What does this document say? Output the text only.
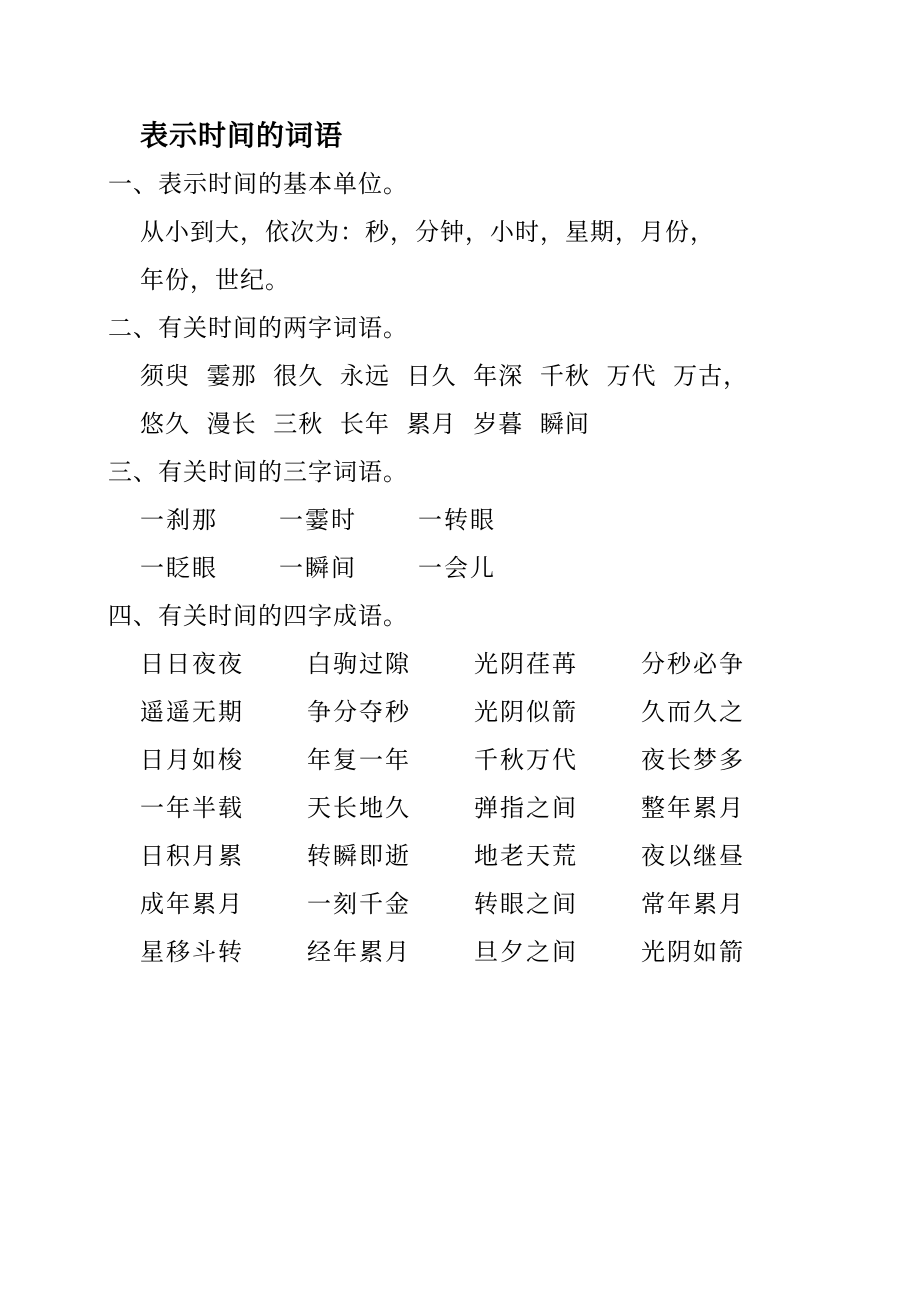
表示时间的词语
一、表示时间的基本单位。
从小到大，依次为：秒，分钟，小时，星期，月份，
年份，世纪。
二、有关时间的两字词语。
须臾 霎那 很久 永远 日久 年深 千秋 万代 万古，
悠久 漫长 三秋 长年 累月 岁暮 瞬间
三、有关时间的三字词语。
一刹那	一霎时	一转眼
一眨眼	一瞬间	一会儿
四、有关时间的四字成语。
日日夜夜	白驹过隙	光阴荏苒	分秒必争
遥遥无期	争分夺秒	光阴似箭	久而久之
日月如梭	年复一年	千秋万代	夜长梦多
一年半载	天长地久	弹指之间	整年累月
日积月累	转瞬即逝	地老天荒	夜以继昼
成年累月	一刻千金	转眼之间	常年累月
星移斗转	经年累月	旦夕之间	光阴如箭
